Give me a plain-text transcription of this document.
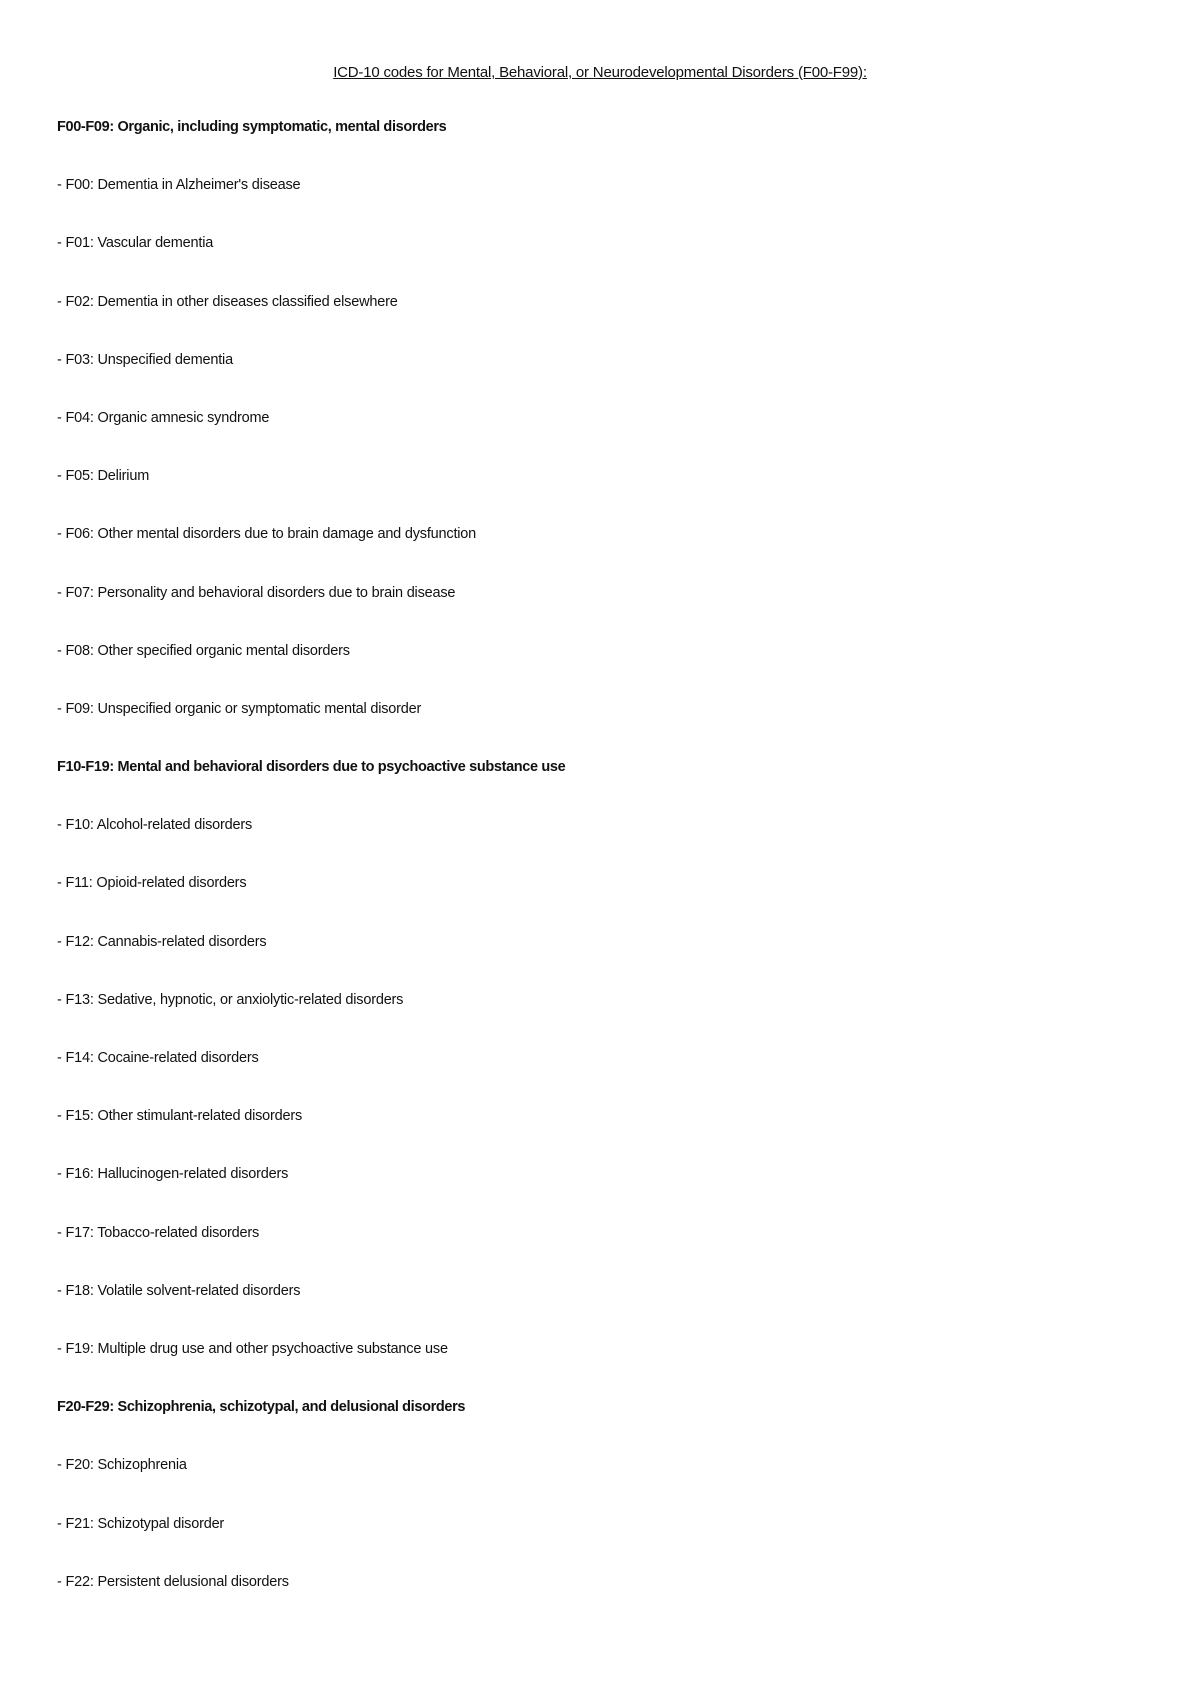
ICD-10 codes for Mental, Behavioral, or Neurodevelopmental Disorders (F00-F99):
F00-F09: Organic, including symptomatic, mental disorders
- F00: Dementia in Alzheimer's disease
- F01: Vascular dementia
- F02: Dementia in other diseases classified elsewhere
- F03: Unspecified dementia
- F04: Organic amnesic syndrome
- F05: Delirium
- F06: Other mental disorders due to brain damage and dysfunction
- F07: Personality and behavioral disorders due to brain disease
- F08: Other specified organic mental disorders
- F09: Unspecified organic or symptomatic mental disorder
F10-F19: Mental and behavioral disorders due to psychoactive substance use
- F10: Alcohol-related disorders
- F11: Opioid-related disorders
- F12: Cannabis-related disorders
- F13: Sedative, hypnotic, or anxiolytic-related disorders
- F14: Cocaine-related disorders
- F15: Other stimulant-related disorders
- F16: Hallucinogen-related disorders
- F17: Tobacco-related disorders
- F18: Volatile solvent-related disorders
- F19: Multiple drug use and other psychoactive substance use
F20-F29: Schizophrenia, schizotypal, and delusional disorders
- F20: Schizophrenia
- F21: Schizotypal disorder
- F22: Persistent delusional disorders
